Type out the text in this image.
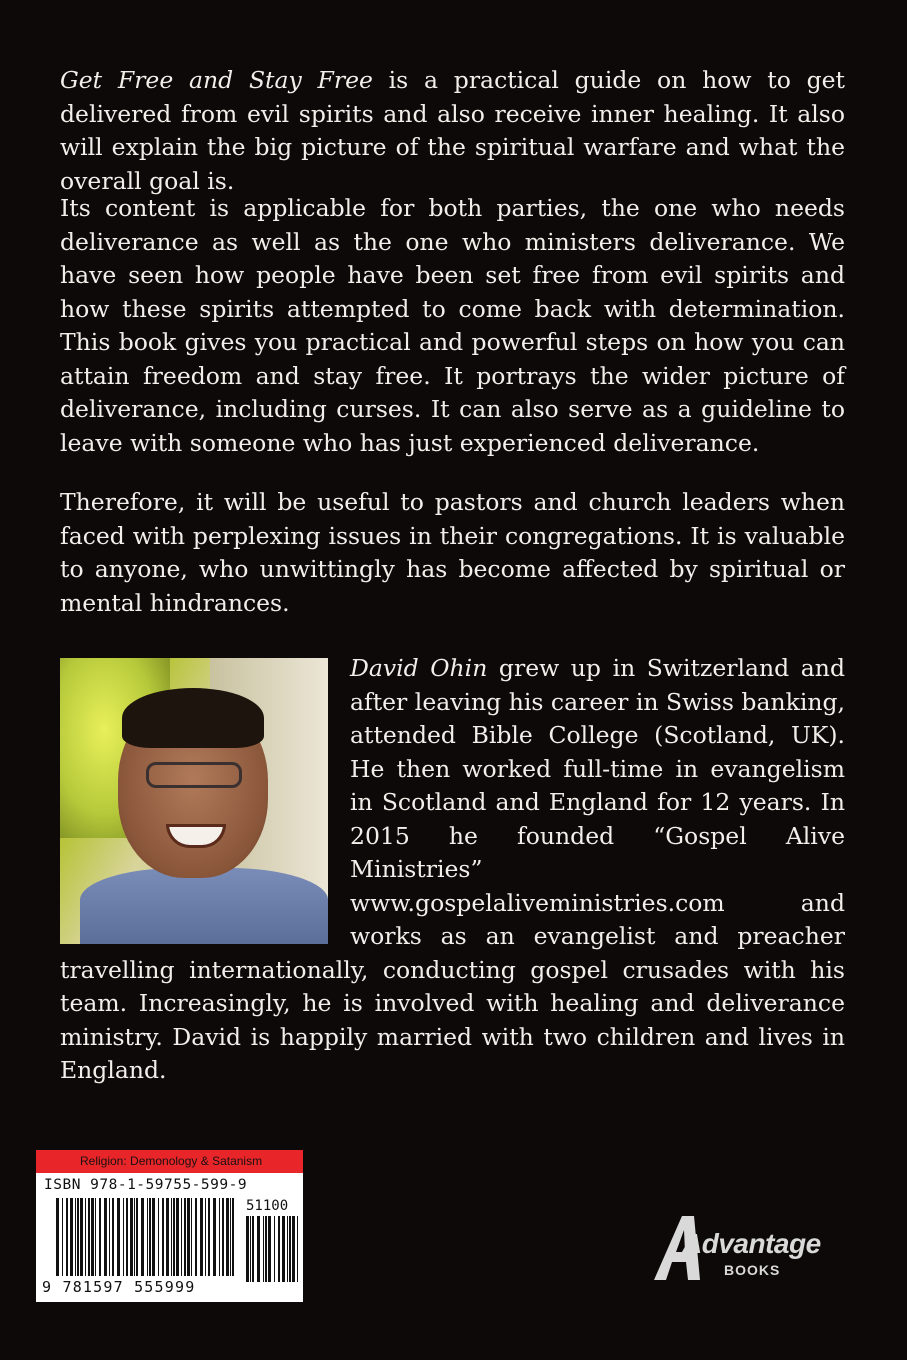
Get Free and Stay Free is a practical guide on how to get delivered from evil spirits and also receive inner healing. It also will explain the big picture of the spiritual warfare and what the overall goal is.

Its content is applicable for both parties, the one who needs deliverance as well as the one who ministers deliverance. We have seen how people have been set free from evil spirits and how these spirits attempted to come back with determination. This book gives you practical and powerful steps on how you can attain freedom and stay free. It portrays the wider picture of deliverance, including curses. It can also serve as a guideline to leave with someone who has just experienced deliverance.

Therefore, it will be useful to pastors and church leaders when faced with perplexing issues in their congregations. It is valuable to anyone, who unwittingly has become affected by spiritual or mental hindrances.

David Ohin grew up in Switzerland and after leaving his career in Swiss banking, attended Bible College (Scotland, UK). He then worked full-time in evangelism in Scotland and England for 12 years. In 2015 he founded “Gospel Alive Ministries” www.gospelaliveministries.com and works as an evangelist and preacher travelling internationally, conducting gospel crusades with his team. Increasingly, he is involved with healing and deliverance ministry. David is happily married with two children and lives in England.
Religion: Demonology & Satanism
ISBN 978-1-59755-599-9
51100
9 781597 555999
Advantage
BOOKS
